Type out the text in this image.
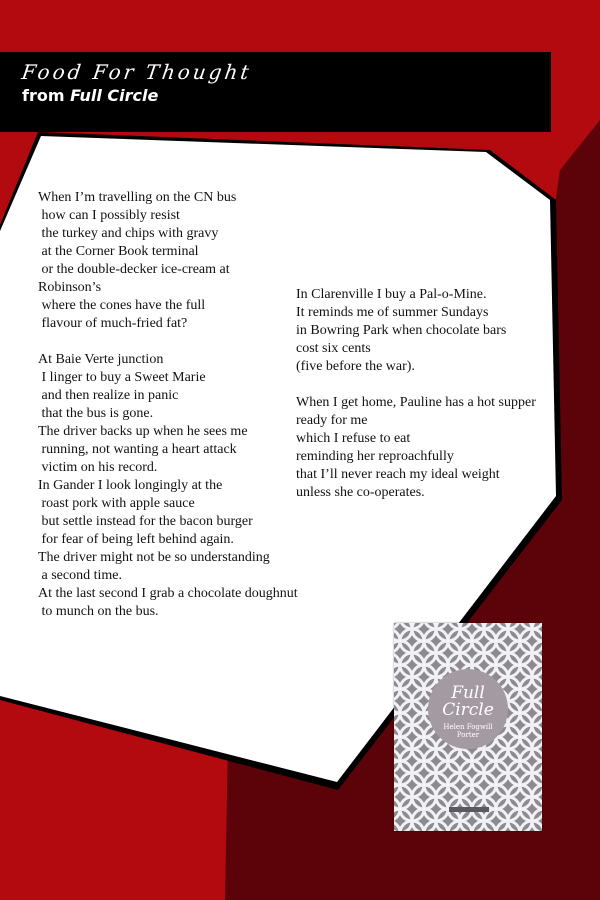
Food For Thought
from Full Circle
When I’m travelling on the CN bus
how can I possibly resist
the turkey and chips with gravy
at the Corner Book terminal
or the double-decker ice-cream at
Robinson’s
where the cones have the full
flavour of much-fried fat?

At Baie Verte junction
I linger to buy a Sweet Marie
and then realize in panic
that the bus is gone.
The driver backs up when he sees me
running, not wanting a heart attack
victim on his record.
In Gander I look longingly at the
roast pork with apple sauce
but settle instead for the bacon burger
for fear of being left behind again.
The driver might not be so understanding
a second time.
At the last second I grab a chocolate doughnut
to munch on the bus.
In Clarenville I buy a Pal-o-Mine.
It reminds me of summer Sundays
in Bowring Park when chocolate bars
cost six cents
(five before the war).

When I get home, Pauline has a hot supper
ready for me
which I refuse to eat
reminding her reproachfully
that I’ll never reach my ideal weight
unless she co-operates.
Full
Circle
Helen Fogwill
Porter
